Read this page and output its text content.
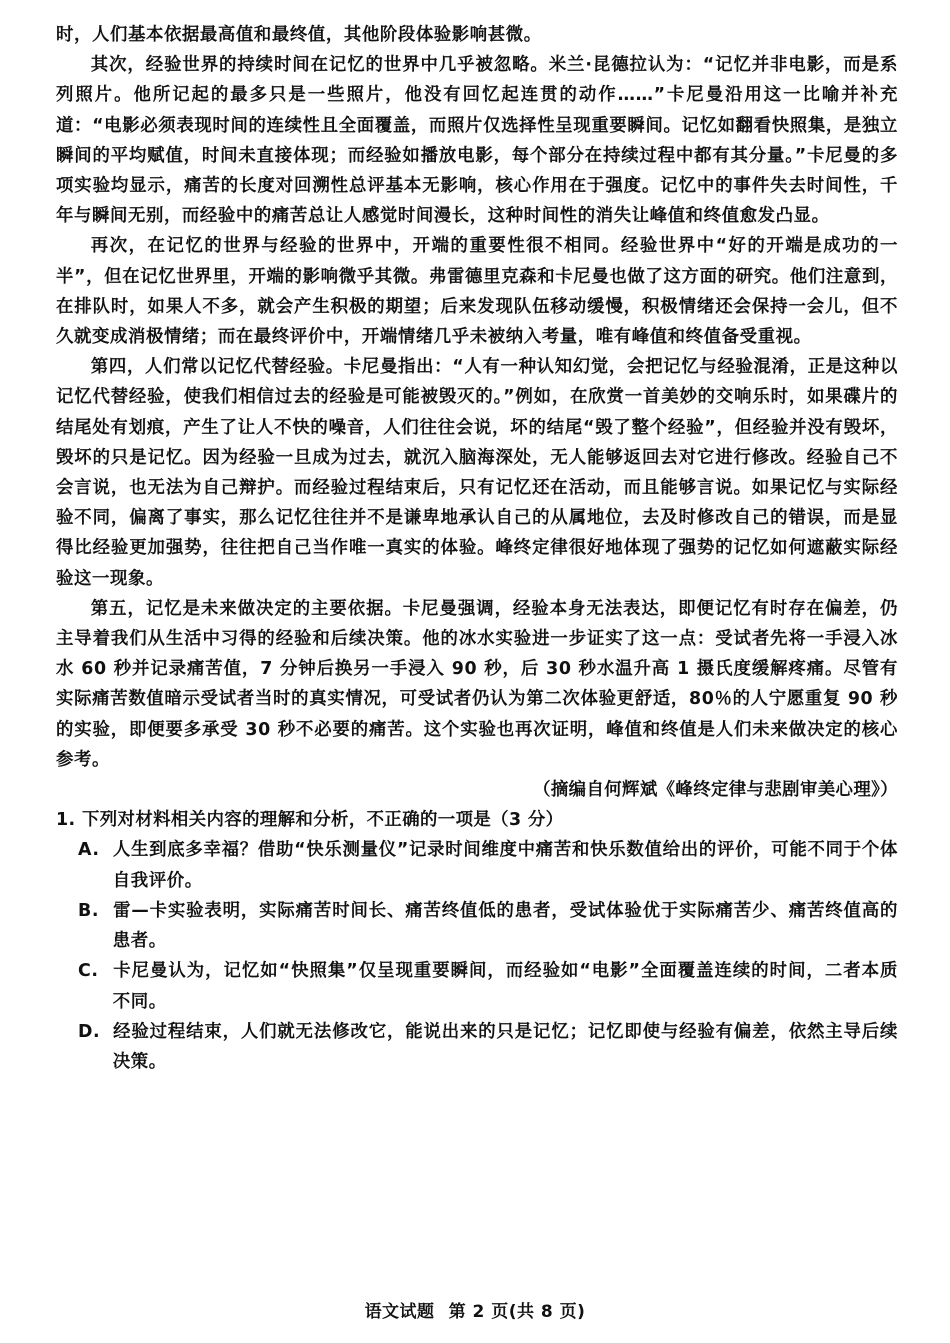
时，人们基本依据最高值和最终值，其他阶段体验影响甚微。

其次，经验世界的持续时间在记忆的世界中几乎被忽略。米兰·昆德拉认为：“记忆并非电影，而是系列照片。他所记起的最多只是一些照片，他没有回忆起连贯的动作……”卡尼曼沿用这一比喻并补充道：“电影必须表现时间的连续性且全面覆盖，而照片仅选择性呈现重要瞬间。记忆如翻看快照集，是独立瞬间的平均赋值，时间未直接体现；而经验如播放电影，每个部分在持续过程中都有其分量。”卡尼曼的多项实验均显示，痛苦的长度对回溯性总评基本无影响，核心作用在于强度。记忆中的事件失去时间性，千年与瞬间无别，而经验中的痛苦总让人感觉时间漫长，这种时间性的消失让峰值和终值愈发凸显。

再次，在记忆的世界与经验的世界中，开端的重要性很不相同。经验世界中“好的开端是成功的一半”，但在记忆世界里，开端的影响微乎其微。弗雷德里克森和卡尼曼也做了这方面的研究。他们注意到，在排队时，如果人不多，就会产生积极的期望；后来发现队伍移动缓慢，积极情绪还会保持一会儿，但不久就变成消极情绪；而在最终评价中，开端情绪几乎未被纳入考量，唯有峰值和终值备受重视。

第四，人们常以记忆代替经验。卡尼曼指出：“人有一种认知幻觉，会把记忆与经验混淆，正是这种以记忆代替经验，使我们相信过去的经验是可能被毁灭的。”例如，在欣赏一首美妙的交响乐时，如果碟片的结尾处有划痕，产生了让人不快的噪音，人们往往会说，坏的结尾“毁了整个经验”，但经验并没有毁坏，毁坏的只是记忆。因为经验一旦成为过去，就沉入脑海深处，无人能够返回去对它进行修改。经验自己不会言说，也无法为自己辩护。而经验过程结束后，只有记忆还在活动，而且能够言说。如果记忆与实际经验不同，偏离了事实，那么记忆往往并不是谦卑地承认自己的从属地位，去及时修改自己的错误，而是显得比经验更加强势，往往把自己当作唯一真实的体验。峰终定律很好地体现了强势的记忆如何遮蔽实际经验这一现象。

第五，记忆是未来做决定的主要依据。卡尼曼强调，经验本身无法表达，即便记忆有时存在偏差，仍主导着我们从生活中习得的经验和后续决策。他的冰水实验进一步证实了这一点：受试者先将一手浸入冰水 60 秒并记录痛苦值，7 分钟后换另一手浸入 90 秒，后 30 秒水温升高 1 摄氏度缓解疼痛。尽管有实际痛苦数值暗示受试者当时的真实情况，可受试者仍认为第二次体验更舒适，80％的人宁愿重复 90 秒的实验，即便要多承受 30 秒不必要的痛苦。这个实验也再次证明，峰值和终值是人们未来做决定的核心参考。

（摘编自何辉斌《峰终定律与悲剧审美心理》）

1. 下列对材料相关内容的理解和分析，不正确的一项是（3 分）

A. 人生到底多幸福？借助“快乐测量仪”记录时间维度中痛苦和快乐数值给出的评价，可能不同于个体自我评价。

B. 雷—卡实验表明，实际痛苦时间长、痛苦终值低的患者，受试体验优于实际痛苦少、痛苦终值高的患者。

C. 卡尼曼认为，记忆如“快照集”仅呈现重要瞬间，而经验如“电影”全面覆盖连续的时间，二者本质不同。

D. 经验过程结束，人们就无法修改它，能说出来的只是记忆；记忆即使与经验有偏差，依然主导后续决策。

语文试题 第 2 页(共 8 页)
